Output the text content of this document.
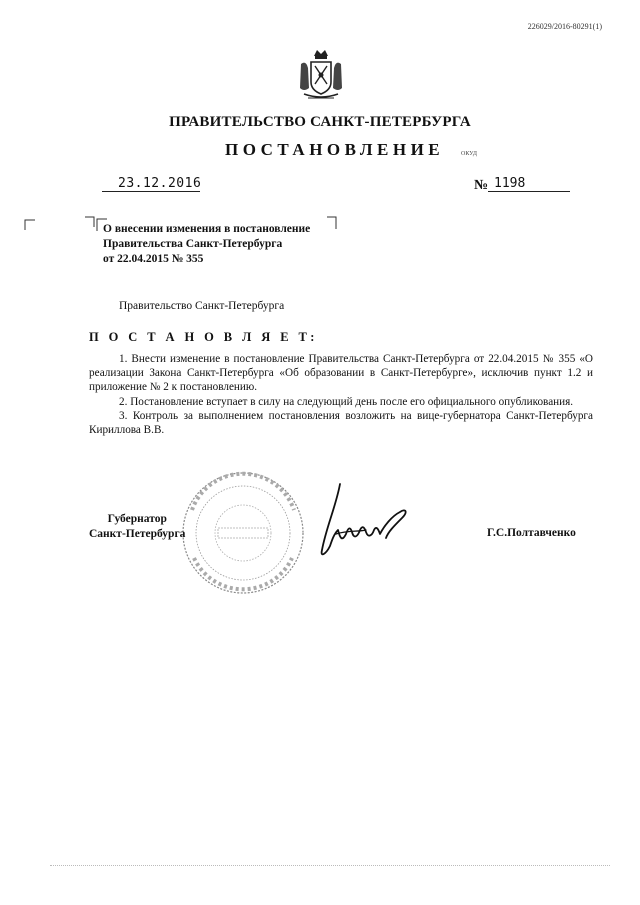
226029/2016-80291(1)
ПРАВИТЕЛЬСТВО САНКТ-ПЕТЕРБУРГА
ПОСТАНОВЛЕНИЕ	ОКУД
23.12.2016	№ 1198
О внесении изменения в постановление
Правительства Санкт-Петербурга
от 22.04.2015 № 355
Правительство Санкт-Петербурга
П О С Т А Н О В Л Я Е Т:

1. Внести изменение в постановление Правительства Санкт-Петербурга от 22.04.2015 № 355 «О реализации Закона Санкт-Петербурга «Об образовании в Санкт-Петербурге», исключив пункт 1.2 и приложение № 2 к постановлению.

2. Постановление вступает в силу на следующий день после его официального опубликования.

3. Контроль за выполнением постановления возложить на вице-губернатора Санкт-Петербурга Кириллова В.В.

Губернатор
Санкт-Петербурга	Г.С.Полтавченко
